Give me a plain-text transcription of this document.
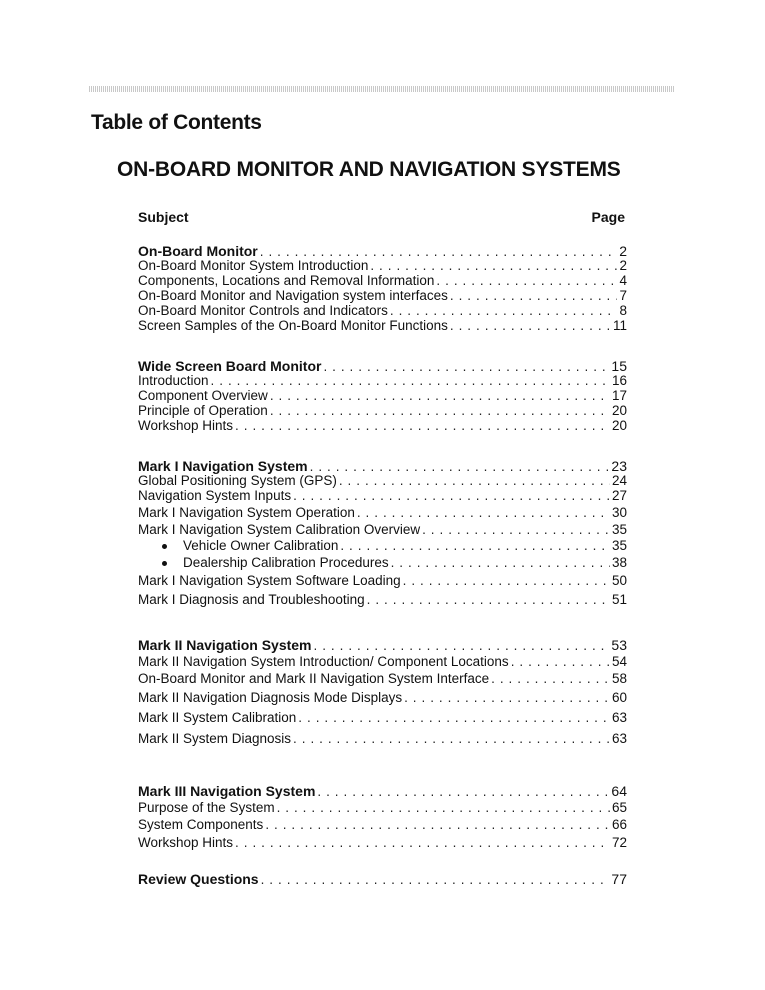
Table of Contents
ON-BOARD MONITOR AND NAVIGATION SYSTEMS
Subject	Page
On-Board Monitor . . .	2
On-Board Monitor System Introduction . . .	2
Components, Locations and Removal Information . . .	4
On-Board Monitor and Navigation system interfaces . . .	7
On-Board Monitor Controls and Indicators . . .	8
Screen Samples of the On-Board Monitor Functions . . .	11
Wide Screen Board Monitor . . .	15
Introduction . . .	16
Component Overview . . .	17
Principle of Operation . . .	20
Workshop Hints . . .	20
Mark I Navigation System . . .	23
Global Positioning System (GPS) . . .	24
Navigation System Inputs . . .	27
Mark I Navigation System Operation . . .	30
Mark I Navigation System Calibration Overview . . .	35
Vehicle Owner Calibration . . .	35
Dealership Calibration Procedures . . .	38
Mark I Navigation System Software Loading . . .	50
Mark I Diagnosis and Troubleshooting . . .	51
Mark II Navigation System . . .	53
Mark II Navigation System Introduction/ Component Locations . . .	54
On-Board Monitor and Mark II Navigation System Interface . . .	58
Mark II Navigation Diagnosis Mode Displays . . .	60
Mark II System Calibration . . .	63
Mark II System Diagnosis . . .	63
Mark III Navigation System . . .	64
Purpose of the System . . .	65
System Components . . .	66
Workshop Hints . . .	72
Review Questions . . .	77
